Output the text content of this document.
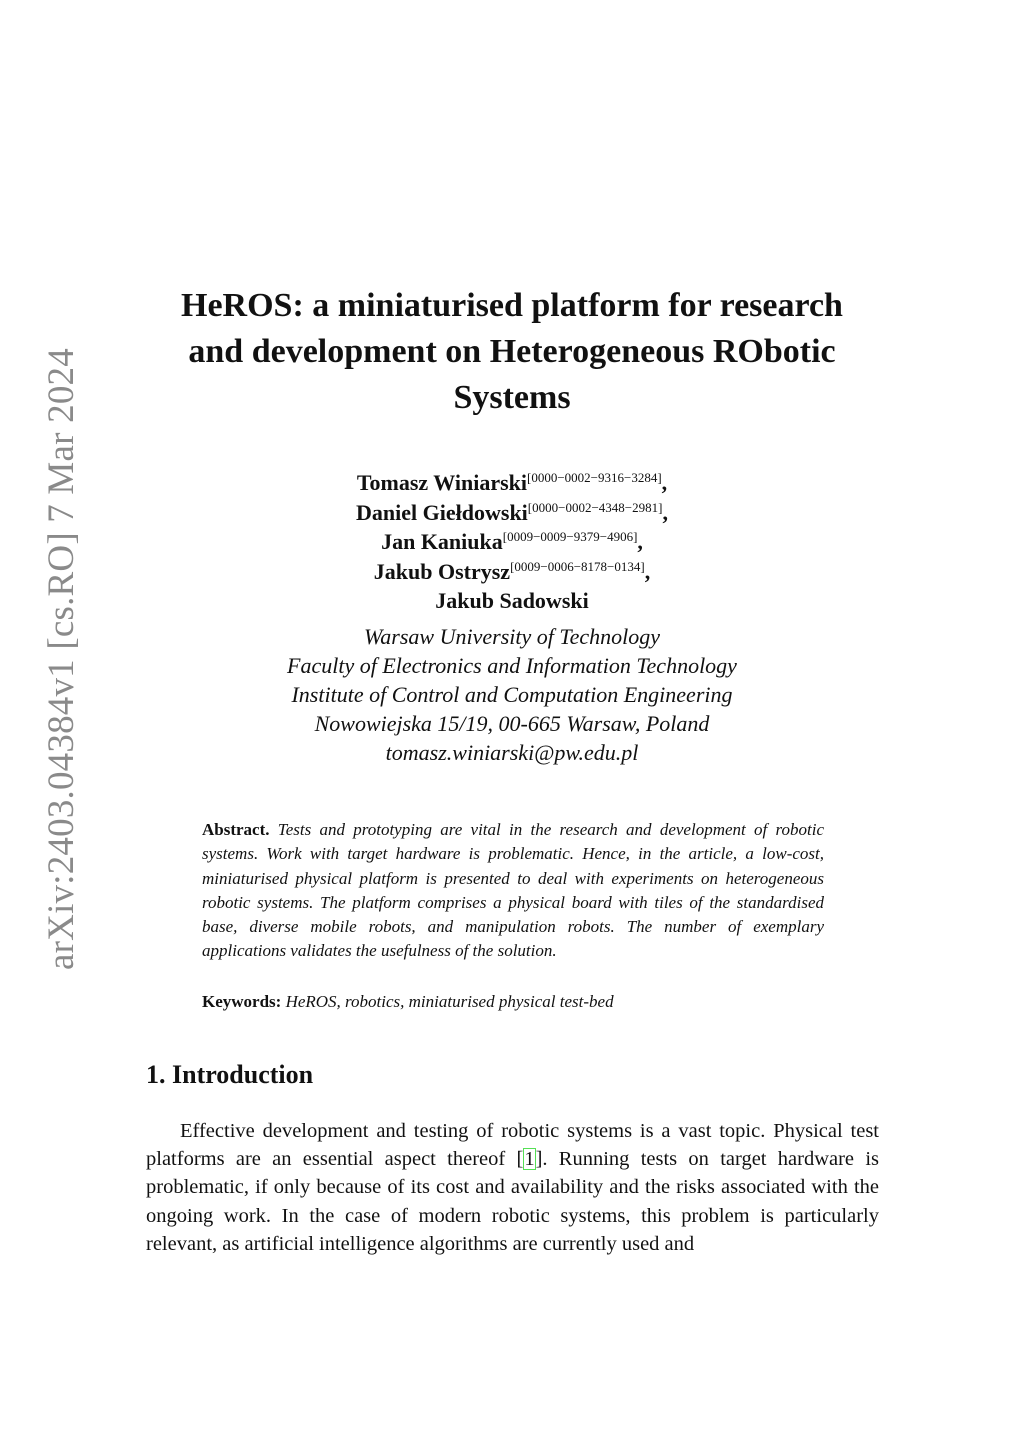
arXiv:2403.04384v1 [cs.RO] 7 Mar 2024
HeROS: a miniaturised platform for research
and development on Heterogeneous RObotic
Systems
Tomasz Winiarski[0000−0002−9316−3284],
Daniel Giełdowski[0000−0002−4348−2981],
Jan Kaniuka[0009−0009−9379−4906],
Jakub Ostrysz[0009−0006−8178−0134],
Jakub Sadowski
Warsaw University of Technology
Faculty of Electronics and Information Technology
Institute of Control and Computation Engineering
Nowowiejska 15/19, 00-665 Warsaw, Poland
tomasz.winiarski@pw.edu.pl
Abstract. Tests and prototyping are vital in the research and development of robotic systems. Work with target hardware is problematic. Hence, in the article, a low-cost, miniaturised physical platform is presented to deal with experiments on heterogeneous robotic systems. The platform comprises a physical board with tiles of the standardised base, diverse mobile robots, and manipulation robots. The number of exemplary applications validates the usefulness of the solution.
Keywords: HeROS, robotics, miniaturised physical test-bed
1. Introduction

Effective development and testing of robotic systems is a vast topic. Physical test platforms are an essential aspect thereof [1]. Running tests on target hardware is problematic, if only because of its cost and availability and the risks associated with the ongoing work. In the case of modern robotic systems, this problem is particularly relevant, as artificial intelligence algorithms are currently used and
